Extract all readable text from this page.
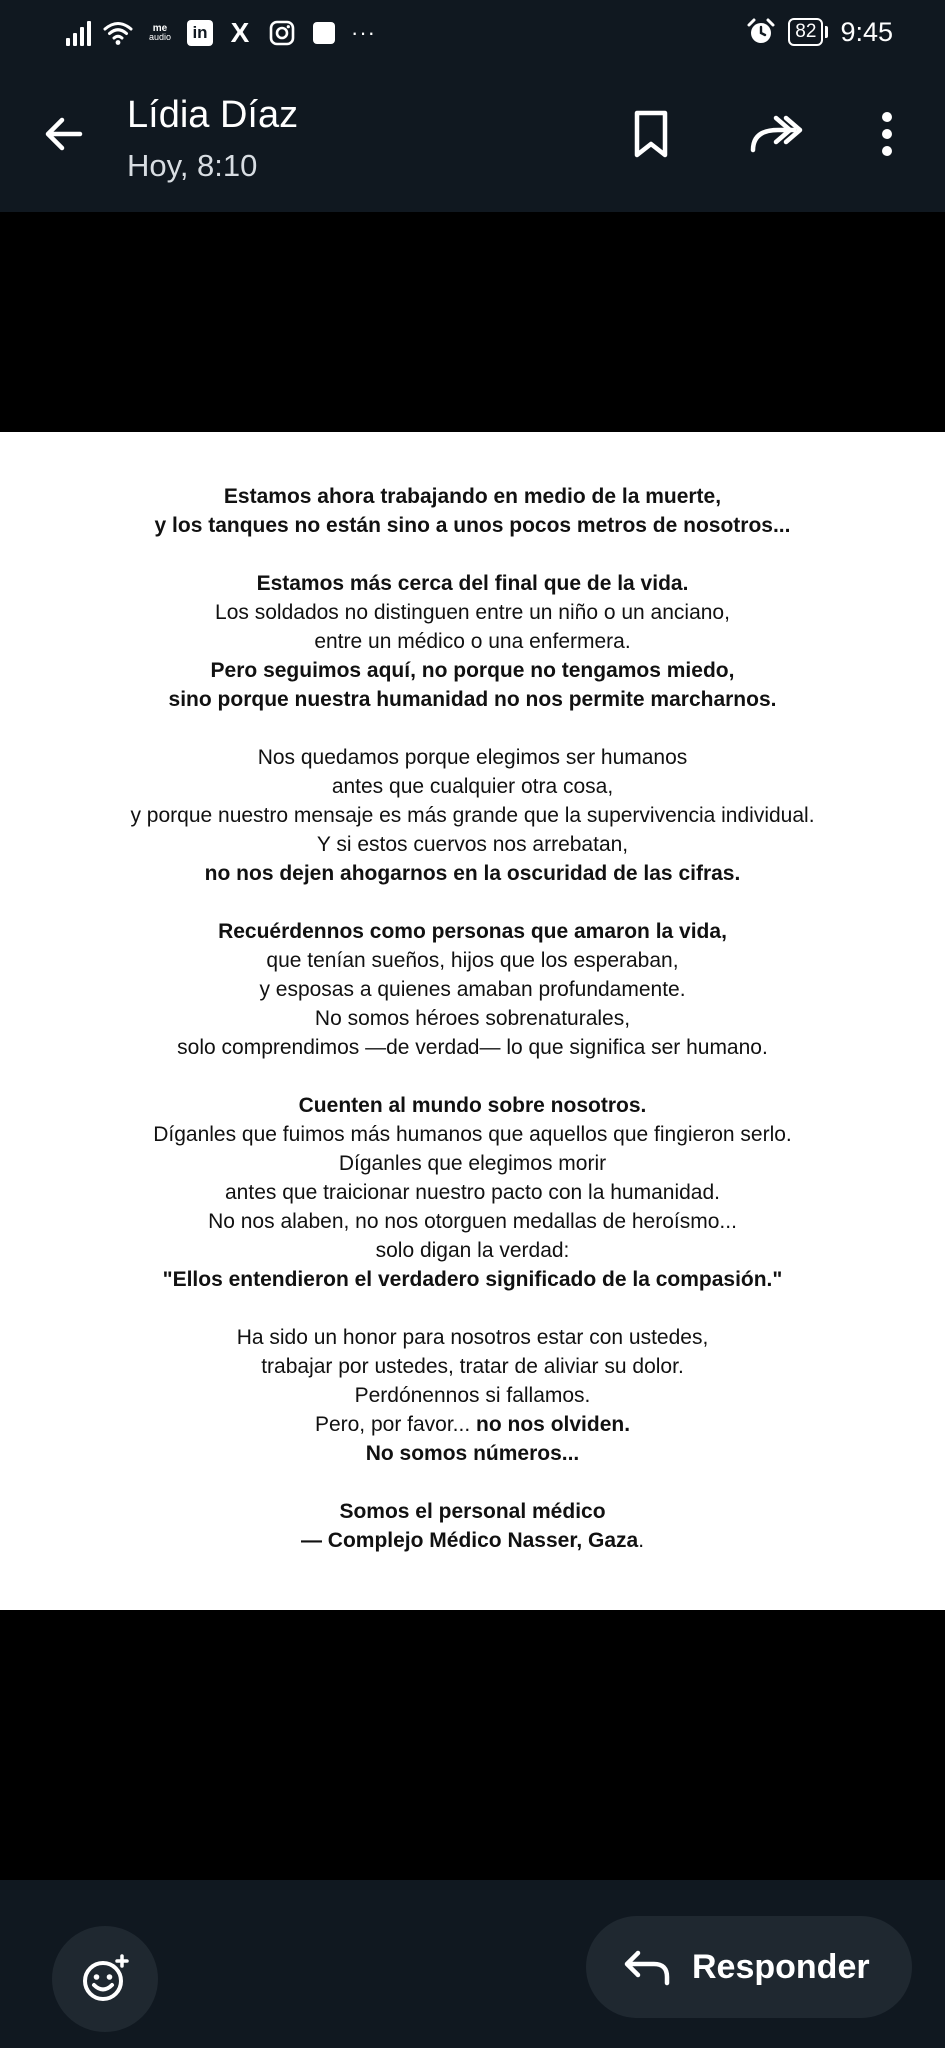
me
audio	in X	···	82 9:45
Lídia Díaz
Hoy, 8:10
Estamos ahora trabajando en medio de la muerte,
y los tanques no están sino a unos pocos metros de nosotros...
Estamos más cerca del final que de la vida.
Los soldados no distinguen entre un niño o un anciano,
entre un médico o una enfermera.
Pero seguimos aquí, no porque no tengamos miedo,
sino porque nuestra humanidad no nos permite marcharnos.
Nos quedamos porque elegimos ser humanos
antes que cualquier otra cosa,
y porque nuestro mensaje es más grande que la supervivencia individual.
Y si estos cuervos nos arrebatan,
no nos dejen ahogarnos en la oscuridad de las cifras.
Recuérdennos como personas que amaron la vida,
que tenían sueños, hijos que los esperaban,
y esposas a quienes amaban profundamente.
No somos héroes sobrenaturales,
solo comprendimos —de verdad— lo que significa ser humano.
Cuenten al mundo sobre nosotros.
Díganles que fuimos más humanos que aquellos que fingieron serlo.
Díganles que elegimos morir
antes que traicionar nuestro pacto con la humanidad.
No nos alaben, no nos otorguen medallas de heroísmo...
solo digan la verdad:
"Ellos entendieron el verdadero significado de la compasión."
Ha sido un honor para nosotros estar con ustedes,
trabajar por ustedes, tratar de aliviar su dolor.
Perdónennos si fallamos.
Pero, por favor... no nos olviden.
No somos números...
Somos el personal médico
— Complejo Médico Nasser, Gaza.
Responder
